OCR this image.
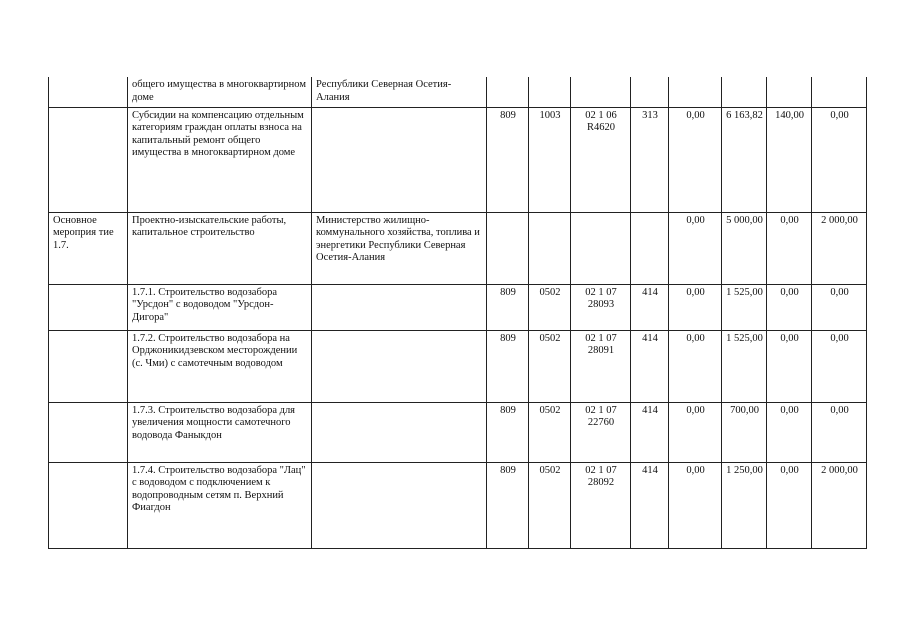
	общего имущества в многоквартирном доме	Республики Северная Осетия-Алания								
	Субсидии на компенсацию отдельным категориям граждан оплаты взноса на капитальный ремонт общего имущества в многоквартирном доме		809	1003	02 1 06 R4620	313	0,00	6 163,82	140,00	0,00
Основное мероприя тие 1.7.	Проектно-изыскательские работы, капитальное строительство	Министерство жилищно-коммунального хозяйства, топлива и энергетики Республики Северная Осетия-Алания					0,00	5 000,00	0,00	2 000,00
	1.7.1. Строительство водозабора "Урсдон" с водоводом "Урсдон-Дигора"		809	0502	02 1 07 28093	414	0,00	1 525,00	0,00	0,00
	1.7.2. Строительство водозабора на Орджоникидзевском месторождении (с. Чми) с самотечным водоводом		809	0502	02 1 07 28091	414	0,00	1 525,00	0,00	0,00
	1.7.3. Строительство водозабора для увеличения мощности самотечного водовода Фаныкдон		809	0502	02 1 07 22760	414	0,00	700,00	0,00	0,00
	1.7.4. Строительство водозабора "Лац" с водоводом с подключением к водопроводным сетям п. Верхний Фиагдон		809	0502	02 1 07 28092	414	0,00	1 250,00	0,00	2 000,00
